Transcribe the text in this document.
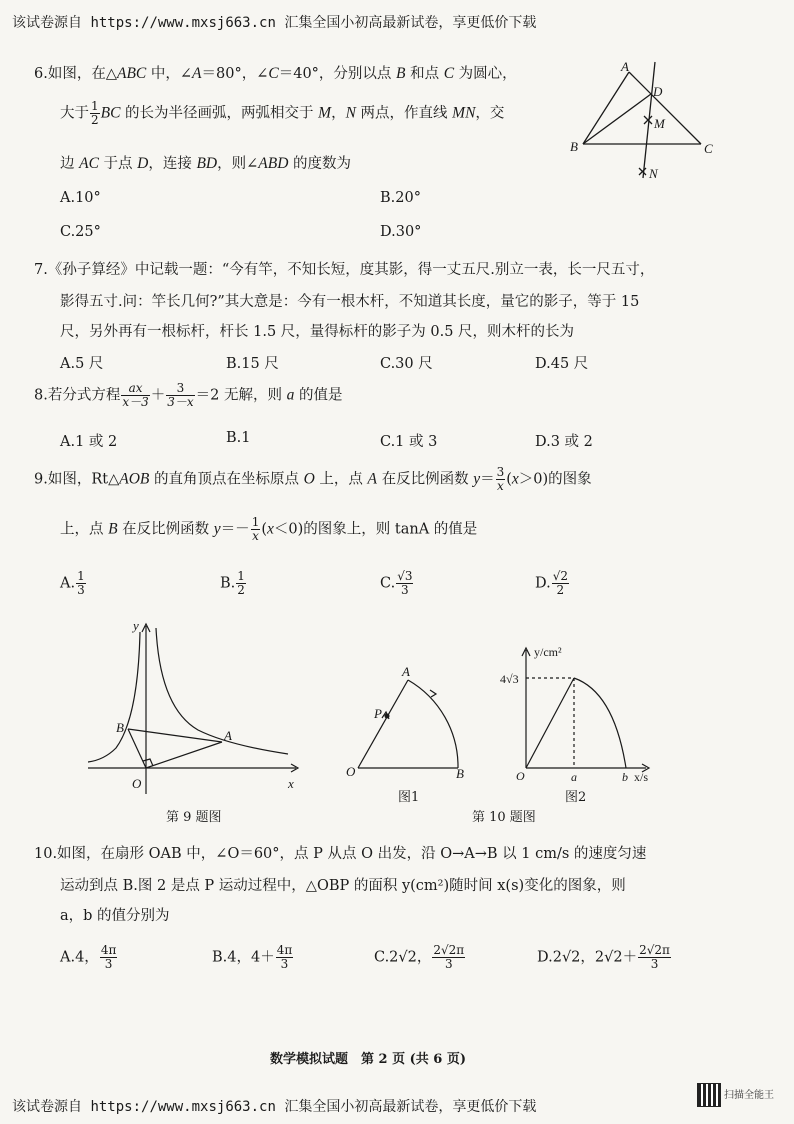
该试卷源自 https://www.mxsj663.cn 汇集全国小初高最新试卷，享更低价下载
6.如图，在△ABC 中，∠A＝80°，∠C＝40°，分别以点 B 和点 C 为圆心，
大于 $\frac{1}{2}$ BC 的长为半径画弧，两弧相交于 M，N 两点，作直线 MN，交
边 AC 于点 D，连接 BD，则∠ABD 的度数为
A.10°	B.20°
C.25°	D.30°
A
B	C
D
M
N
7.《孙子算经》中记载一题：“今有竿，不知长短，度其影，得一丈五尺.别立一表，长一尺五寸，
影得五寸.问：竿长几何?”其大意是：今有一根木杆，不知道其长度，量它的影子，等于 15
尺，另外再有一根标杆，杆长 1.5 尺，量得标杆的影子为 0.5 尺，则木杆的长为
A.5 尺	B.15 尺	C.30 尺	D.45 尺
8.若分式方程 $\frac{ax}{x-3} + \frac{3}{3-x} =2$ 无解，则 a 的值是
A.1 或 2	B.1	C.1 或 3	D.3 或 2
9.如图，Rt△AOB 的直角顶点在坐标原点 O 上，点 A 在反比例函数 $y= \frac{3}{x} (x>0)$的图象
上，点 B 在反比例函数 $y=- \frac{1}{x} (x<0)$的图象上，则 tanA 的值是
A. $\frac{1}{3}$	B. $\frac{1}{2}$	C. $\frac{√3}{3}$	D. $\frac{√2}{2}$
y
x
O
A
B
第 9 题图
A
P
O	B
图1
y/cm²
4√3
O	a	b x/s
图2
第 10 题图
10.如图，在扇形 OAB 中，∠O＝60°，点 P 从点 O 出发，沿 O→A→B 以 1 cm/s 的速度匀速
运动到点 B.图 2 是点 P 运动过程中，△OBP 的面积 y(cm²)随时间 x(s)变化的图象，则
a，b 的值分别为
A.4， $\frac{4\pi}{3}$	B.4，$4+ \frac{4\pi}{3}$	C.2√2， $\frac{2√2\pi}{3}$	D.2√2，$2√2+ \frac{2√2\pi}{3}$
数学模拟试题　第 2 页 (共 6 页)
该试卷源自 https://www.mxsj663.cn 汇集全国小初高最新试卷，享更低价下载
扫描全能王
